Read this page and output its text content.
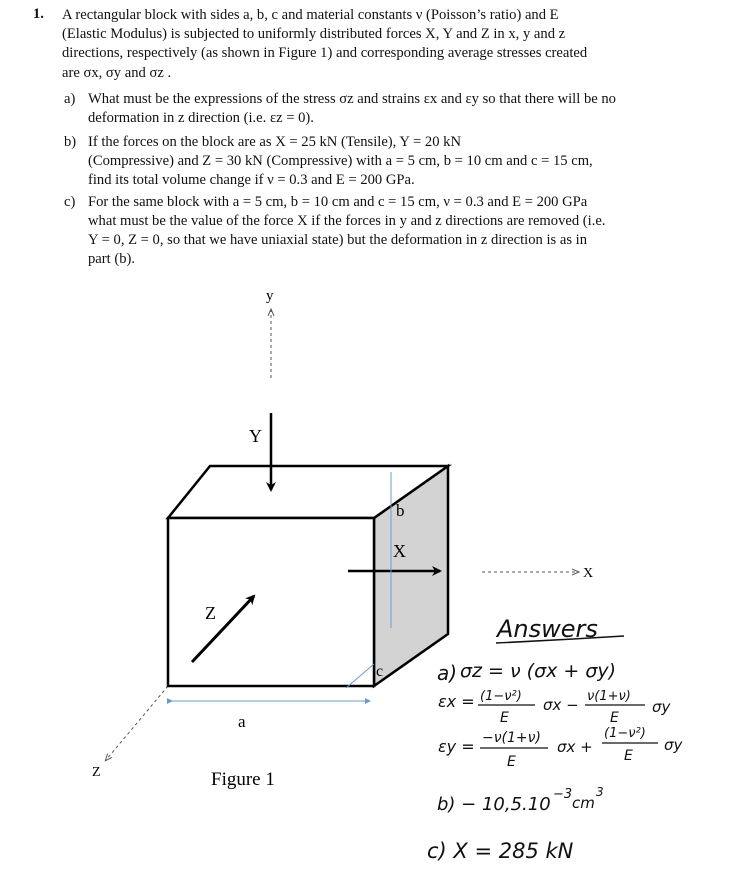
1. A rectangular block with sides a, b, c and material constants ν (Poisson’s ratio) and E
(Elastic Modulus) is subjected to uniformly distributed forces X, Y and Z in x, y and z
directions, respectively (as shown in Figure 1) and corresponding average stresses created
are σx, σy and σz .
a) What must be the expressions of the stress σz and strains εx and εy so that there will be no
deformation in z direction (i.e. εz = 0).
b) If the forces on the block are as X = 25 kN (Tensile), Y = 20 kN
(Compressive) and Z = 30 kN (Compressive) with a = 5 cm, b = 10 cm and c = 15 cm,
find its total volume change if ν = 0.3 and E = 200 GPa.
c) For the same block with a = 5 cm, b = 10 cm and c = 15 cm, ν = 0.3 and E = 200 GPa
what must be the value of the force X if the forces in y and z directions are removed (i.e.
Y = 0, Z = 0, so that we have uniaxial state) but the deformation in z direction is as in
part (b).
y
X
Z
Y
X
Z
b
a
c
Figure 1
Answers
a) σz = ν (σx + σy)
εx = (1−ν²)
E
σx − ν(1+ν)
E
σy
εy = −ν(1+ν)
E
σx +
(1−ν²)
E
σy
b) − 10,5.10 −3 cm
3
c) X = 285 kN
